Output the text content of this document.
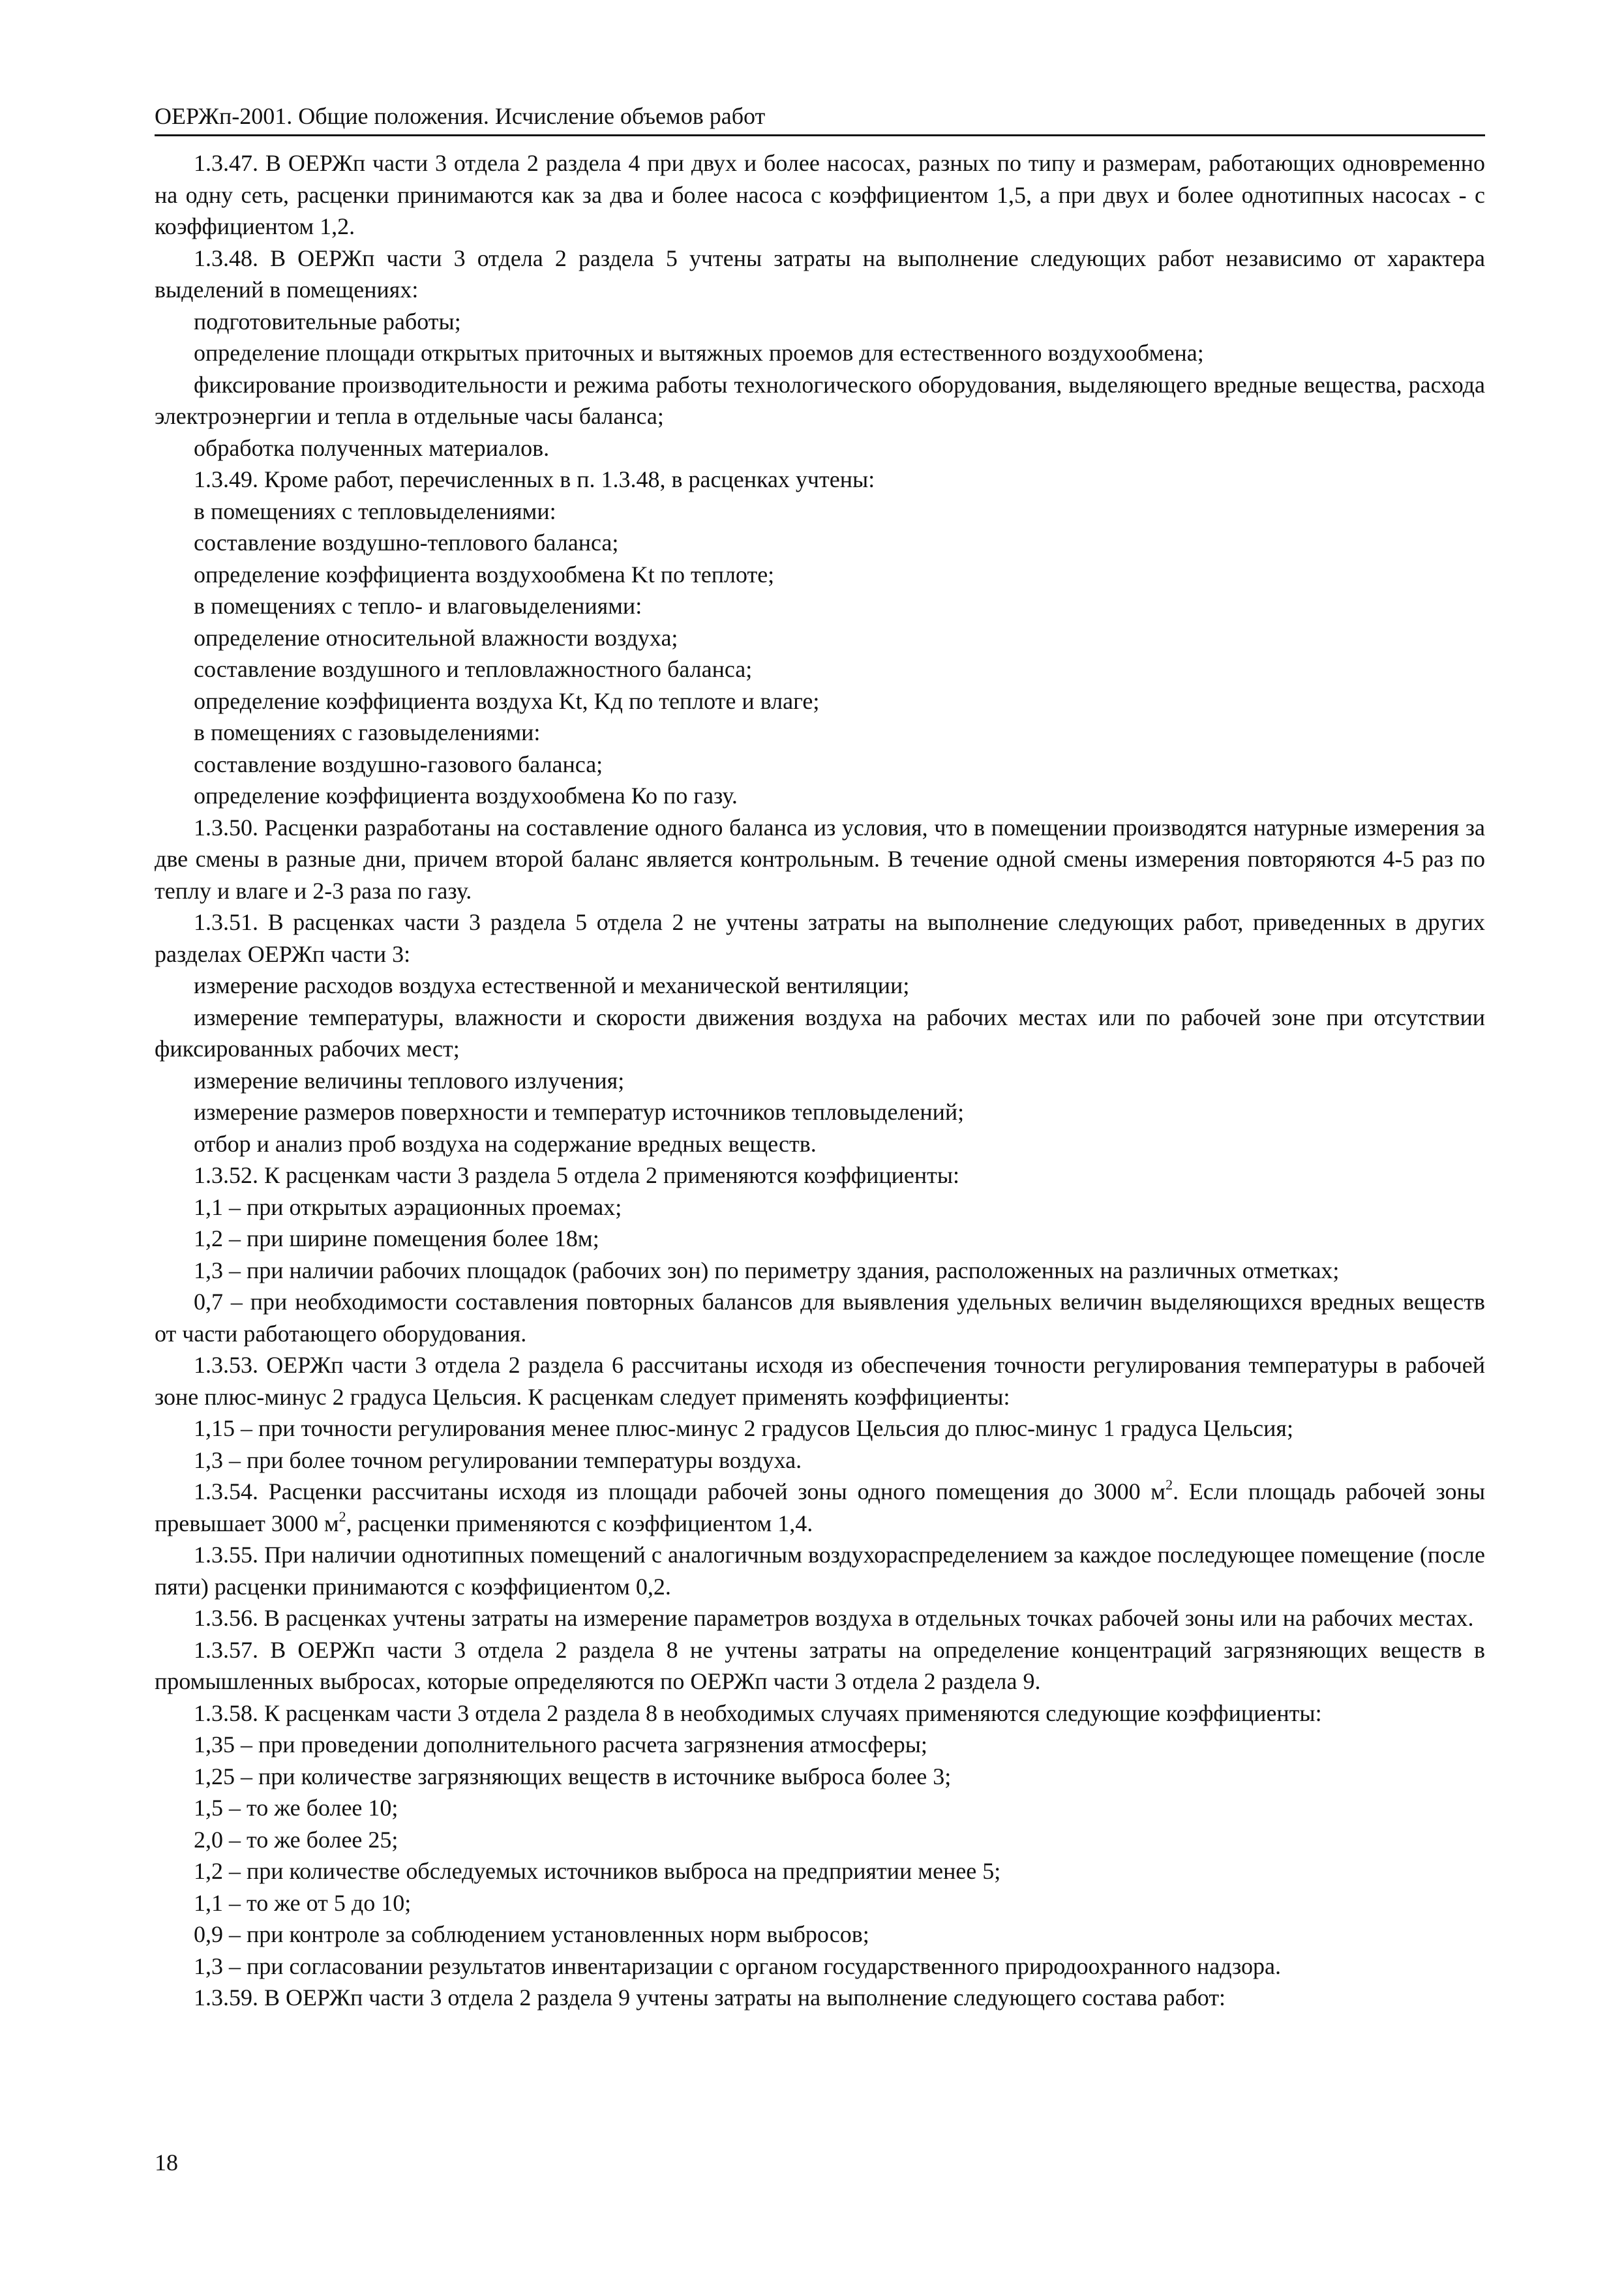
ОЕРЖп-2001. Общие положения. Исчисление объемов работ

1.3.47. В ОЕРЖп части 3 отдела 2 раздела 4 при двух и более насосах, разных по типу и размерам, работающих одновременно на одну сеть, расценки принимаются как за два и более насоса с коэффициентом 1,5, а при двух и более однотипных насосах - с коэффициентом 1,2.

1.3.48. В ОЕРЖп части 3 отдела 2 раздела 5 учтены затраты на выполнение следующих работ независимо от характера выделений в помещениях:

подготовительные работы;

определение площади открытых приточных и вытяжных проемов для естественного воздухообмена;

фиксирование производительности и режима работы технологического оборудования, выделяющего вредные вещества, расхода электроэнергии и тепла в отдельные часы баланса;

обработка полученных материалов.

1.3.49. Кроме работ, перечисленных в п. 1.3.48, в расценках учтены:

в помещениях с тепловыделениями:

составление воздушно-теплового баланса;

определение коэффициента воздухообмена Kt по теплоте;

в помещениях с тепло- и влаговыделениями:

определение относительной влажности воздуха;

составление воздушного и тепловлажностного баланса;

определение коэффициента воздуха Kt, Kд по теплоте и влаге;

в помещениях с газовыделениями:

составление воздушно-газового баланса;

определение коэффициента воздухообмена Ко по газу.

1.3.50. Расценки разработаны на составление одного баланса из условия, что в помещении производятся натурные измерения за две смены в разные дни, причем второй баланс является контрольным. В течение одной смены измерения повторяются 4-5 раз по теплу и влаге и 2-3 раза по газу.

1.3.51. В расценках части 3 раздела 5 отдела 2 не учтены затраты на выполнение следующих работ, приведенных в других разделах ОЕРЖп части 3:

измерение расходов воздуха естественной и механической вентиляции;

измерение температуры, влажности и скорости движения воздуха на рабочих местах или по рабочей зоне при отсутствии фиксированных рабочих мест;

измерение величины теплового излучения;

измерение размеров поверхности и температур источников тепловыделений;

отбор и анализ проб воздуха на содержание вредных веществ.

1.3.52. К расценкам части 3 раздела 5 отдела 2 применяются коэффициенты:

1,1 – при открытых аэрационных проемах;

1,2 – при ширине помещения более 18м;

1,3 – при наличии рабочих площадок (рабочих зон) по периметру здания, расположенных на различных отметках;

0,7 – при необходимости составления повторных балансов для выявления удельных величин выделяющихся вредных веществ от части работающего оборудования.

1.3.53. ОЕРЖп части 3 отдела 2 раздела 6 рассчитаны исходя из обеспечения точности регулирования температуры в рабочей зоне плюс-минус 2 градуса Цельсия. К расценкам следует применять коэффициенты:

1,15 – при точности регулирования менее плюс-минус 2 градусов Цельсия до плюс-минус 1 градуса Цельсия;

1,3 – при более точном регулировании температуры воздуха.

1.3.54. Расценки рассчитаны исходя из площади рабочей зоны одного помещения до 3000 $м^2$. Если площадь рабочей зоны превышает 3000 $м^2$, расценки применяются с коэффициентом 1,4.

1.3.55. При наличии однотипных помещений с аналогичным воздухораспределением за каждое последующее помещение (после пяти) расценки принимаются с коэффициентом 0,2.

1.3.56. В расценках учтены затраты на измерение параметров воздуха в отдельных точках рабочей зоны или на рабочих местах.

1.3.57. В ОЕРЖп части 3 отдела 2 раздела 8 не учтены затраты на определение концентраций загрязняющих веществ в промышленных выбросах, которые определяются по ОЕРЖп части 3 отдела 2 раздела 9.

1.3.58. К расценкам части 3 отдела 2 раздела 8 в необходимых случаях применяются следующие коэффициенты:

1,35 – при проведении дополнительного расчета загрязнения атмосферы;

1,25 – при количестве загрязняющих веществ в источнике выброса более 3;

1,5 – то же более 10;

2,0 – то же более 25;

1,2 – при количестве обследуемых источников выброса на предприятии менее 5;

1,1 – то же от 5 до 10;

0,9 – при контроле за соблюдением установленных норм выбросов;

1,3 – при согласовании результатов инвентаризации с органом государственного природоохранного надзора.

1.3.59. В ОЕРЖп части 3 отдела 2 раздела 9 учтены затраты на выполнение следующего состава работ:

18
